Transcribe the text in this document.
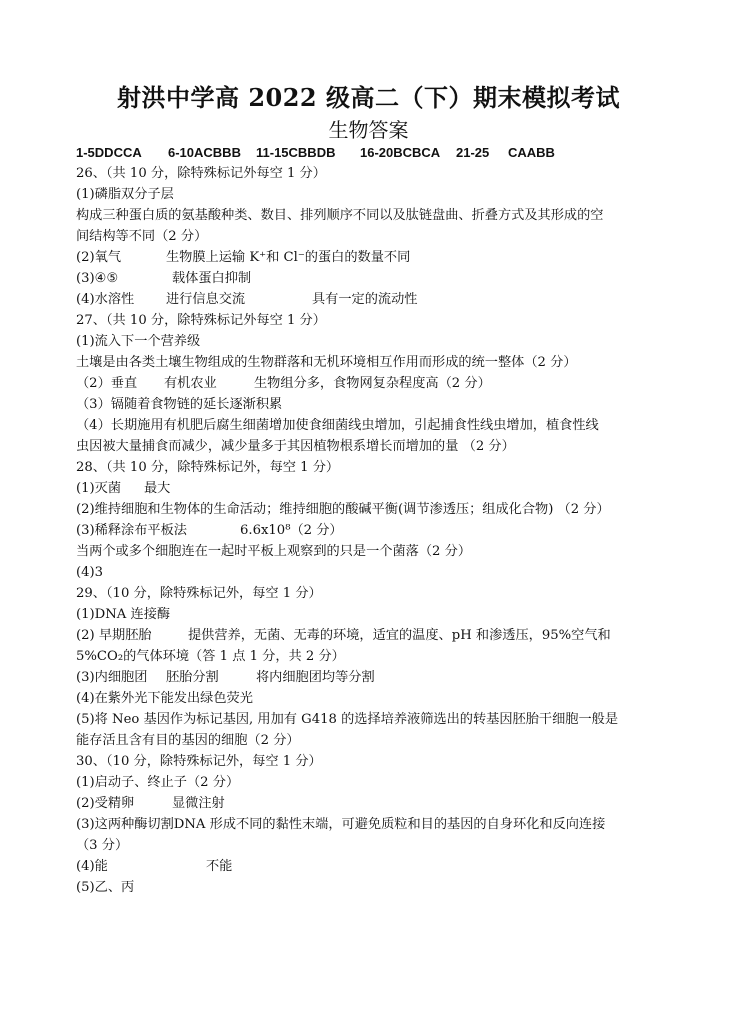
射洪中学高 2022 级高二（下）期末模拟考试
生物答案
1-5DDCCA 6-10ACBBB 11-15CBBDB 16-20BCBCA 21-25 CAABB
26、（共 10 分，除特殊标记外每空 1 分）
(1)磷脂双分子层
构成三种蛋白质的氨基酸种类、数目、排列顺序不同以及肽链盘曲、折叠方式及其形成的空
间结构等不同（2 分）
(2)氧气	生物膜上运输 K⁺和 Cl⁻的蛋白的数量不同
(3)④⑤	载体蛋白抑制
(4)水溶性 进行信息交流	具有一定的流动性
27、（共 10 分，除特殊标记外每空 1 分）
(1)流入下一个营养级
土壤是由各类土壤生物组成的生物群落和无机环境相互作用而形成的统一整体（2 分）
（2）垂直 有机农业	生物组分多，食物网复杂程度高（2 分）
（3）镉随着食物链的延长逐渐积累
（4）长期施用有机肥后腐生细菌增加使食细菌线虫增加，引起捕食性线虫增加，植食性线
虫因被大量捕食而减少，减少量多于其因植物根系增长而增加的量 （2 分）
28、（共 10 分，除特殊标记外，每空 1 分）
(1)灭菌 最大
(2)维持细胞和生物体的生命活动；维持细胞的酸碱平衡(调节渗透压；组成化合物) （2 分）
(3)稀释涂布平板法	6.6x10⁸（2 分）
当两个或多个细胞连在一起时平板上观察到的只是一个菌落（2 分）
(4)3
29、（10 分，除特殊标记外，每空 1 分）
(1)DNA 连接酶
(2) 早期胚胎	提供营养，无菌、无毒的环境，适宜的温度、pH 和渗透压，95%空气和
5%CO₂的气体环境（答 1 点 1 分，共 2 分）
(3)内细胞团 胚胎分割	将内细胞团均等分割
(4)在紫外光下能发出绿色荧光
(5)将 Neo 基因作为标记基因, 用加有 G418 的选择培养液筛选出的转基因胚胎干细胞一般是
能存活且含有目的基因的细胞（2 分）
30、（10 分，除特殊标记外，每空 1 分）
(1)启动子、终止子（2 分）
(2)受精卵	显微注射
(3)这两种酶切割DNA 形成不同的黏性末端，可避免质粒和目的基因的自身环化和反向连接
（3 分）
(4)能	不能
(5)乙、丙
